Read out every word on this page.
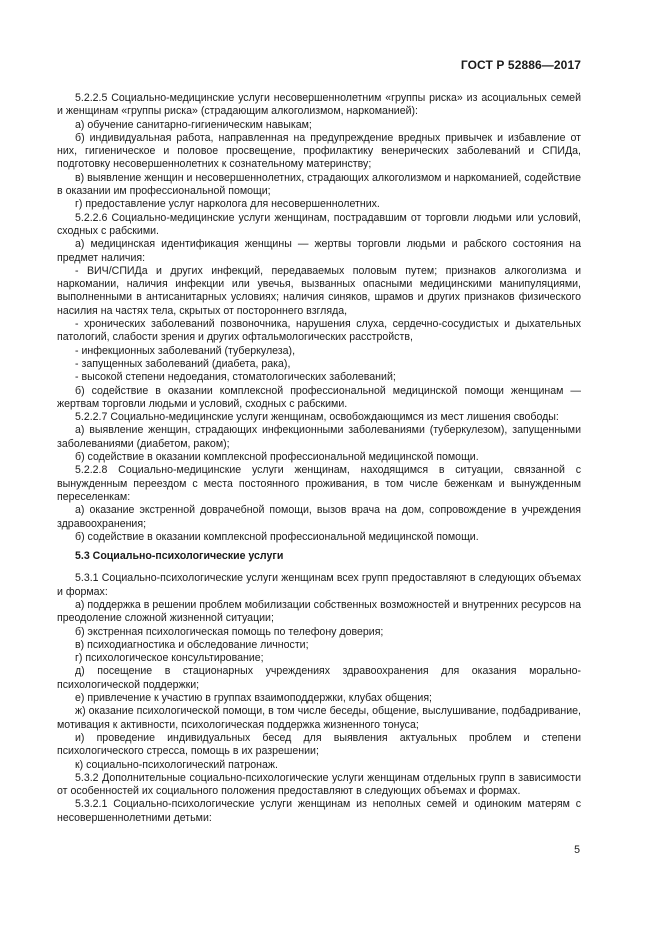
ГОСТ Р 52886—2017

5.2.2.5 Социально-медицинские услуги несовершеннолетним «группы риска» из асоциальных семей и женщинам «группы риска» (страдающим алкоголизмом, наркоманией):

а) обучение санитарно-гигиеническим навыкам;

б) индивидуальная работа, направленная на предупреждение вредных привычек и избавление от них, гигиеническое и половое просвещение, профилактику венерических заболеваний и СПИДа, подготовку несовершеннолетних к сознательному материнству;

в) выявление женщин и несовершеннолетних, страдающих алкоголизмом и наркоманией, содействие в оказании им профессиональной помощи;

г) предоставление услуг нарколога для несовершеннолетних.

5.2.2.6 Социально-медицинские услуги женщинам, пострадавшим от торговли людьми или условий, сходных с рабскими.

а) медицинская идентификация женщины — жертвы торговли людьми и рабского состояния на предмет наличия:

- ВИЧ/СПИДа и других инфекций, передаваемых половым путем; признаков алкоголизма и наркомании, наличия инфекции или увечья, вызванных опасными медицинскими манипуляциями, выполненными в антисанитарных условиях; наличия синяков, шрамов и других признаков физического насилия на частях тела, скрытых от постороннего взгляда,

- хронических заболеваний позвоночника, нарушения слуха, сердечно-сосудистых и дыхательных патологий, слабости зрения и других офтальмологических расстройств,

- инфекционных заболеваний (туберкулеза),

- запущенных заболеваний (диабета, рака),

- высокой степени недоедания, стоматологических заболеваний;

б) содействие в оказании комплексной профессиональной медицинской помощи женщинам — жертвам торговли людьми и условий, сходных с рабскими.

5.2.2.7 Социально-медицинские услуги женщинам, освобождающимся из мест лишения свободы:

а) выявление женщин, страдающих инфекционными заболеваниями (туберкулезом), запущенными заболеваниями (диабетом, раком);

б) содействие в оказании комплексной профессиональной медицинской помощи.

5.2.2.8 Социально-медицинские услуги женщинам, находящимся в ситуации, связанной с вынужденным переездом с места постоянного проживания, в том числе беженкам и вынужденным переселенкам:

а) оказание экстренной доврачебной помощи, вызов врача на дом, сопровождение в учреждения здравоохранения;

б) содействие в оказании комплексной профессиональной медицинской помощи.

5.3 Социально-психологические услуги

5.3.1 Социально-психологические услуги женщинам всех групп предоставляют в следующих объемах и формах:

а) поддержка в решении проблем мобилизации собственных возможностей и внутренних ресурсов на преодоление сложной жизненной ситуации;

б) экстренная психологическая помощь по телефону доверия;

в) психодиагностика и обследование личности;

г) психологическое консультирование;

д) посещение в стационарных учреждениях здравоохранения для оказания морально-психологической поддержки;

е) привлечение к участию в группах взаимоподдержки, клубах общения;

ж) оказание психологической помощи, в том числе беседы, общение, выслушивание, подбадривание, мотивация к активности, психологическая поддержка жизненного тонуса;

и) проведение индивидуальных бесед для выявления актуальных проблем и степени психологического стресса, помощь в их разрешении;

к) социально-психологический патронаж.

5.3.2 Дополнительные социально-психологические услуги женщинам отдельных групп в зависимости от особенностей их социального положения предоставляют в следующих объемах и формах.

5.3.2.1 Социально-психологические услуги женщинам из неполных семей и одиноким матерям с несовершеннолетними детьми:

5
